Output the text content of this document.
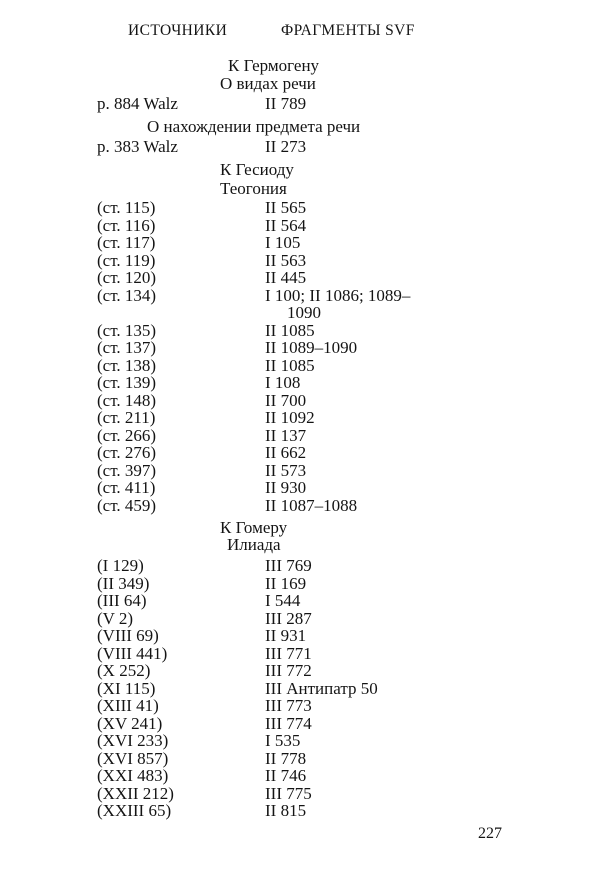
ИСТОЧНИКИ	ФРАГМЕНТЫ SVF
К Гермогену
О видах речи
p. 884 Walz	II 789
О нахождении предмета речи
p. 383 Walz	II 273
К Гесиоду
Теогония
(ст. 115)	II 565
(ст. 116)	II 564
(ст. 117)	I 105
(ст. 119)	II 563
(ст. 120)	II 445
(ст. 134)	I 100; II 1086; 1089–
1090
(ст. 135)	II 1085
(ст. 137)	II 1089–1090
(ст. 138)	II 1085
(ст. 139)	I 108
(ст. 148)	II 700
(ст. 211)	II 1092
(ст. 266)	II 137
(ст. 276)	II 662
(ст. 397)	II 573
(ст. 411)	II 930
(ст. 459)	II 1087–1088
К Гомеру
Илиада
(I 129)	III 769
(II 349)	II 169
(III 64)	I 544
(V 2)	III 287
(VIII 69)	II 931
(VIII 441)	III 771
(X 252)	III 772
(XI 115)	III Антипатр 50
(XIII 41)	III 773
(XV 241)	III 774
(XVI 233)	I 535
(XVI 857)	II 778
(XXI 483)	II 746
(XXII 212)	III 775
(XXIII 65)	II 815
227
